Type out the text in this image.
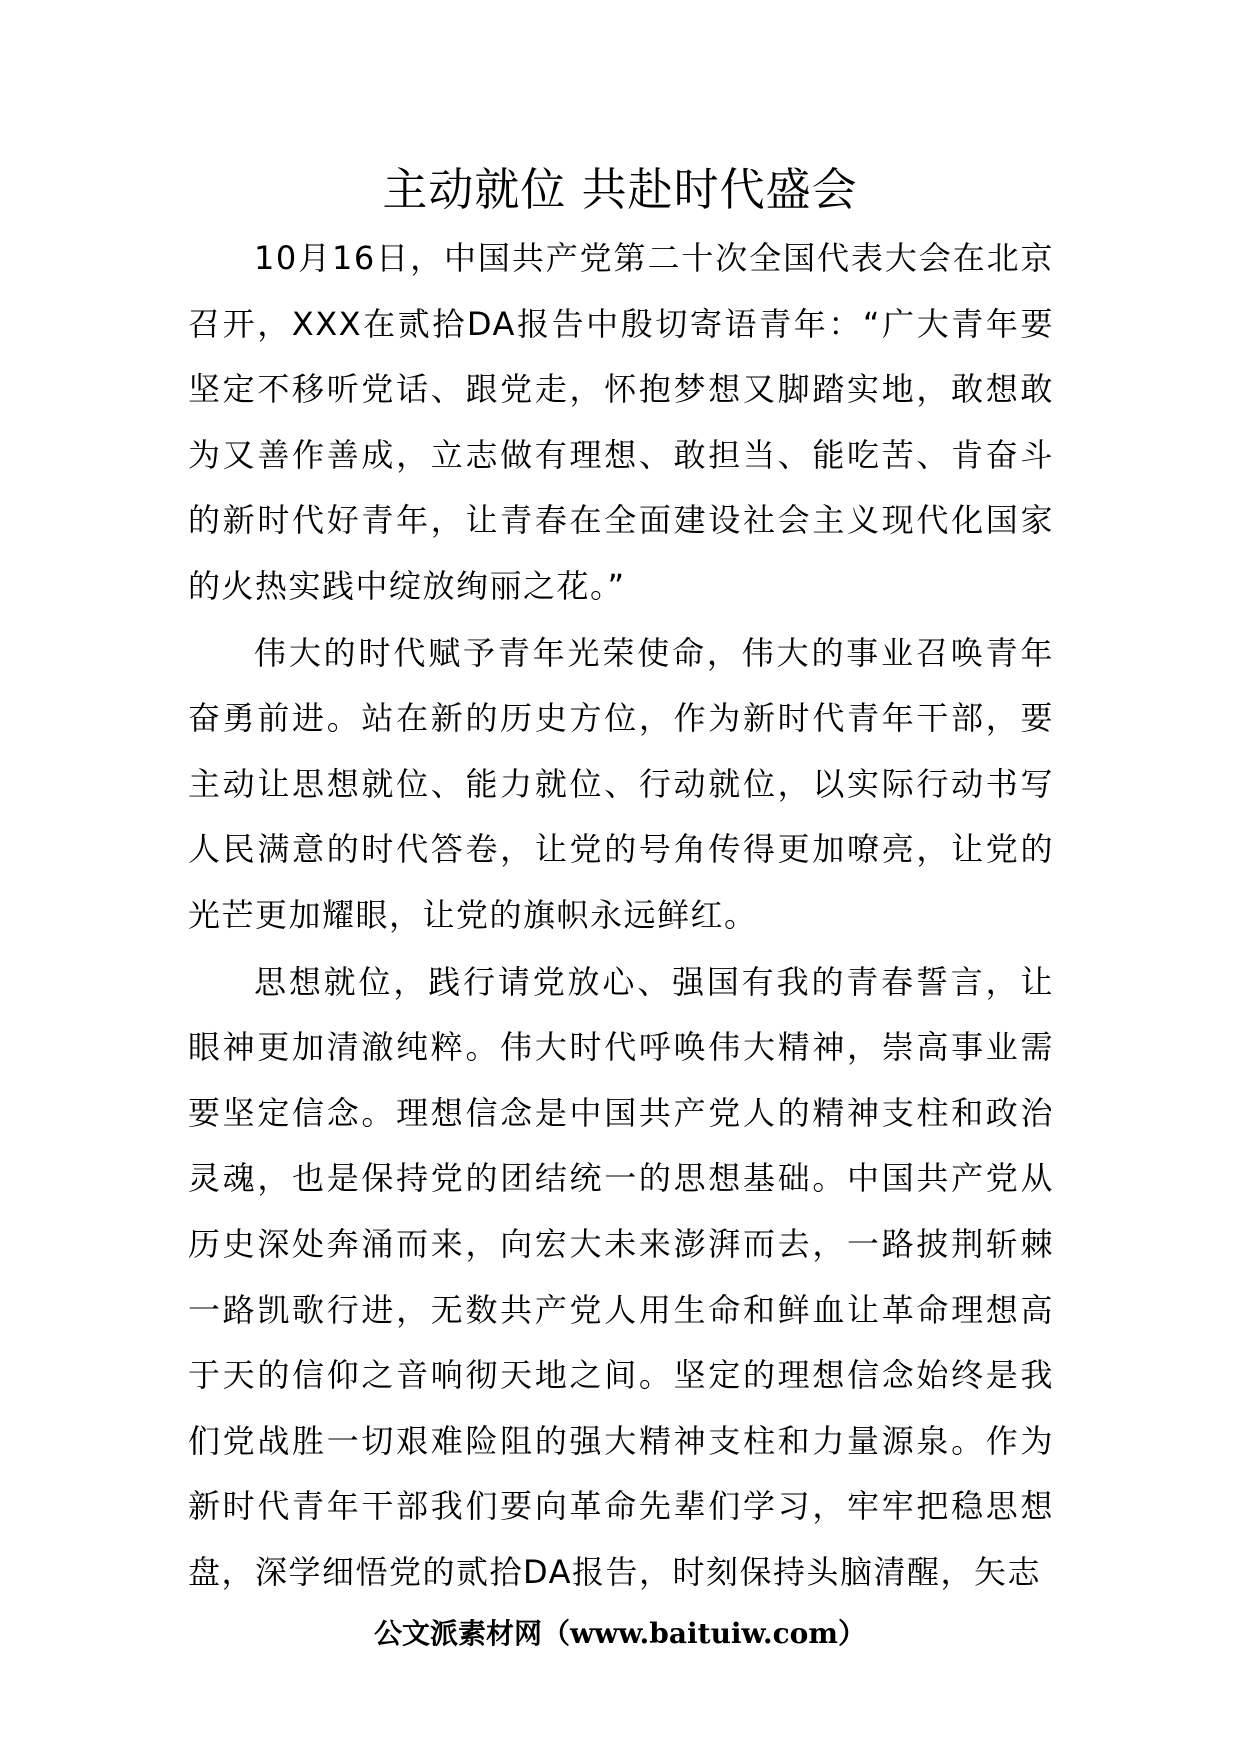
主动就位 共赴时代盛会

10月16日，中国共产党第二十次全国代表大会在北京召开，XXX在贰拾DA报告中殷切寄语青年：“广大青年要坚定不移听党话、跟党走，怀抱梦想又脚踏实地，敢想敢为又善作善成，立志做有理想、敢担当、能吃苦、肯奋斗的新时代好青年，让青春在全面建设社会主义现代化国家的火热实践中绽放绚丽之花。”

伟大的时代赋予青年光荣使命，伟大的事业召唤青年奋勇前进。站在新的历史方位，作为新时代青年干部，要主动让思想就位、能力就位、行动就位，以实际行动书写人民满意的时代答卷，让党的号角传得更加嘹亮，让党的光芒更加耀眼，让党的旗帜永远鲜红。

思想就位，践行请党放心、强国有我的青春誓言，让眼神更加清澈纯粹。伟大时代呼唤伟大精神，崇高事业需要坚定信念。理想信念是中国共产党人的精神支柱和政治灵魂，也是保持党的团结统一的思想基础。中国共产党从历史深处奔涌而来，向宏大未来澎湃而去，一路披荆斩棘一路凯歌行进，无数共产党人用生命和鲜血让革命理想高于天的信仰之音响彻天地之间。坚定的理想信念始终是我们党战胜一切艰难险阻的强大精神支柱和力量源泉。作为新时代青年干部我们要向革命先辈们学习，牢牢把稳思想盘，深学细悟党的贰拾DA报告，时刻保持头脑清醒，矢志

公文派素材网（www.baituiw.com）
